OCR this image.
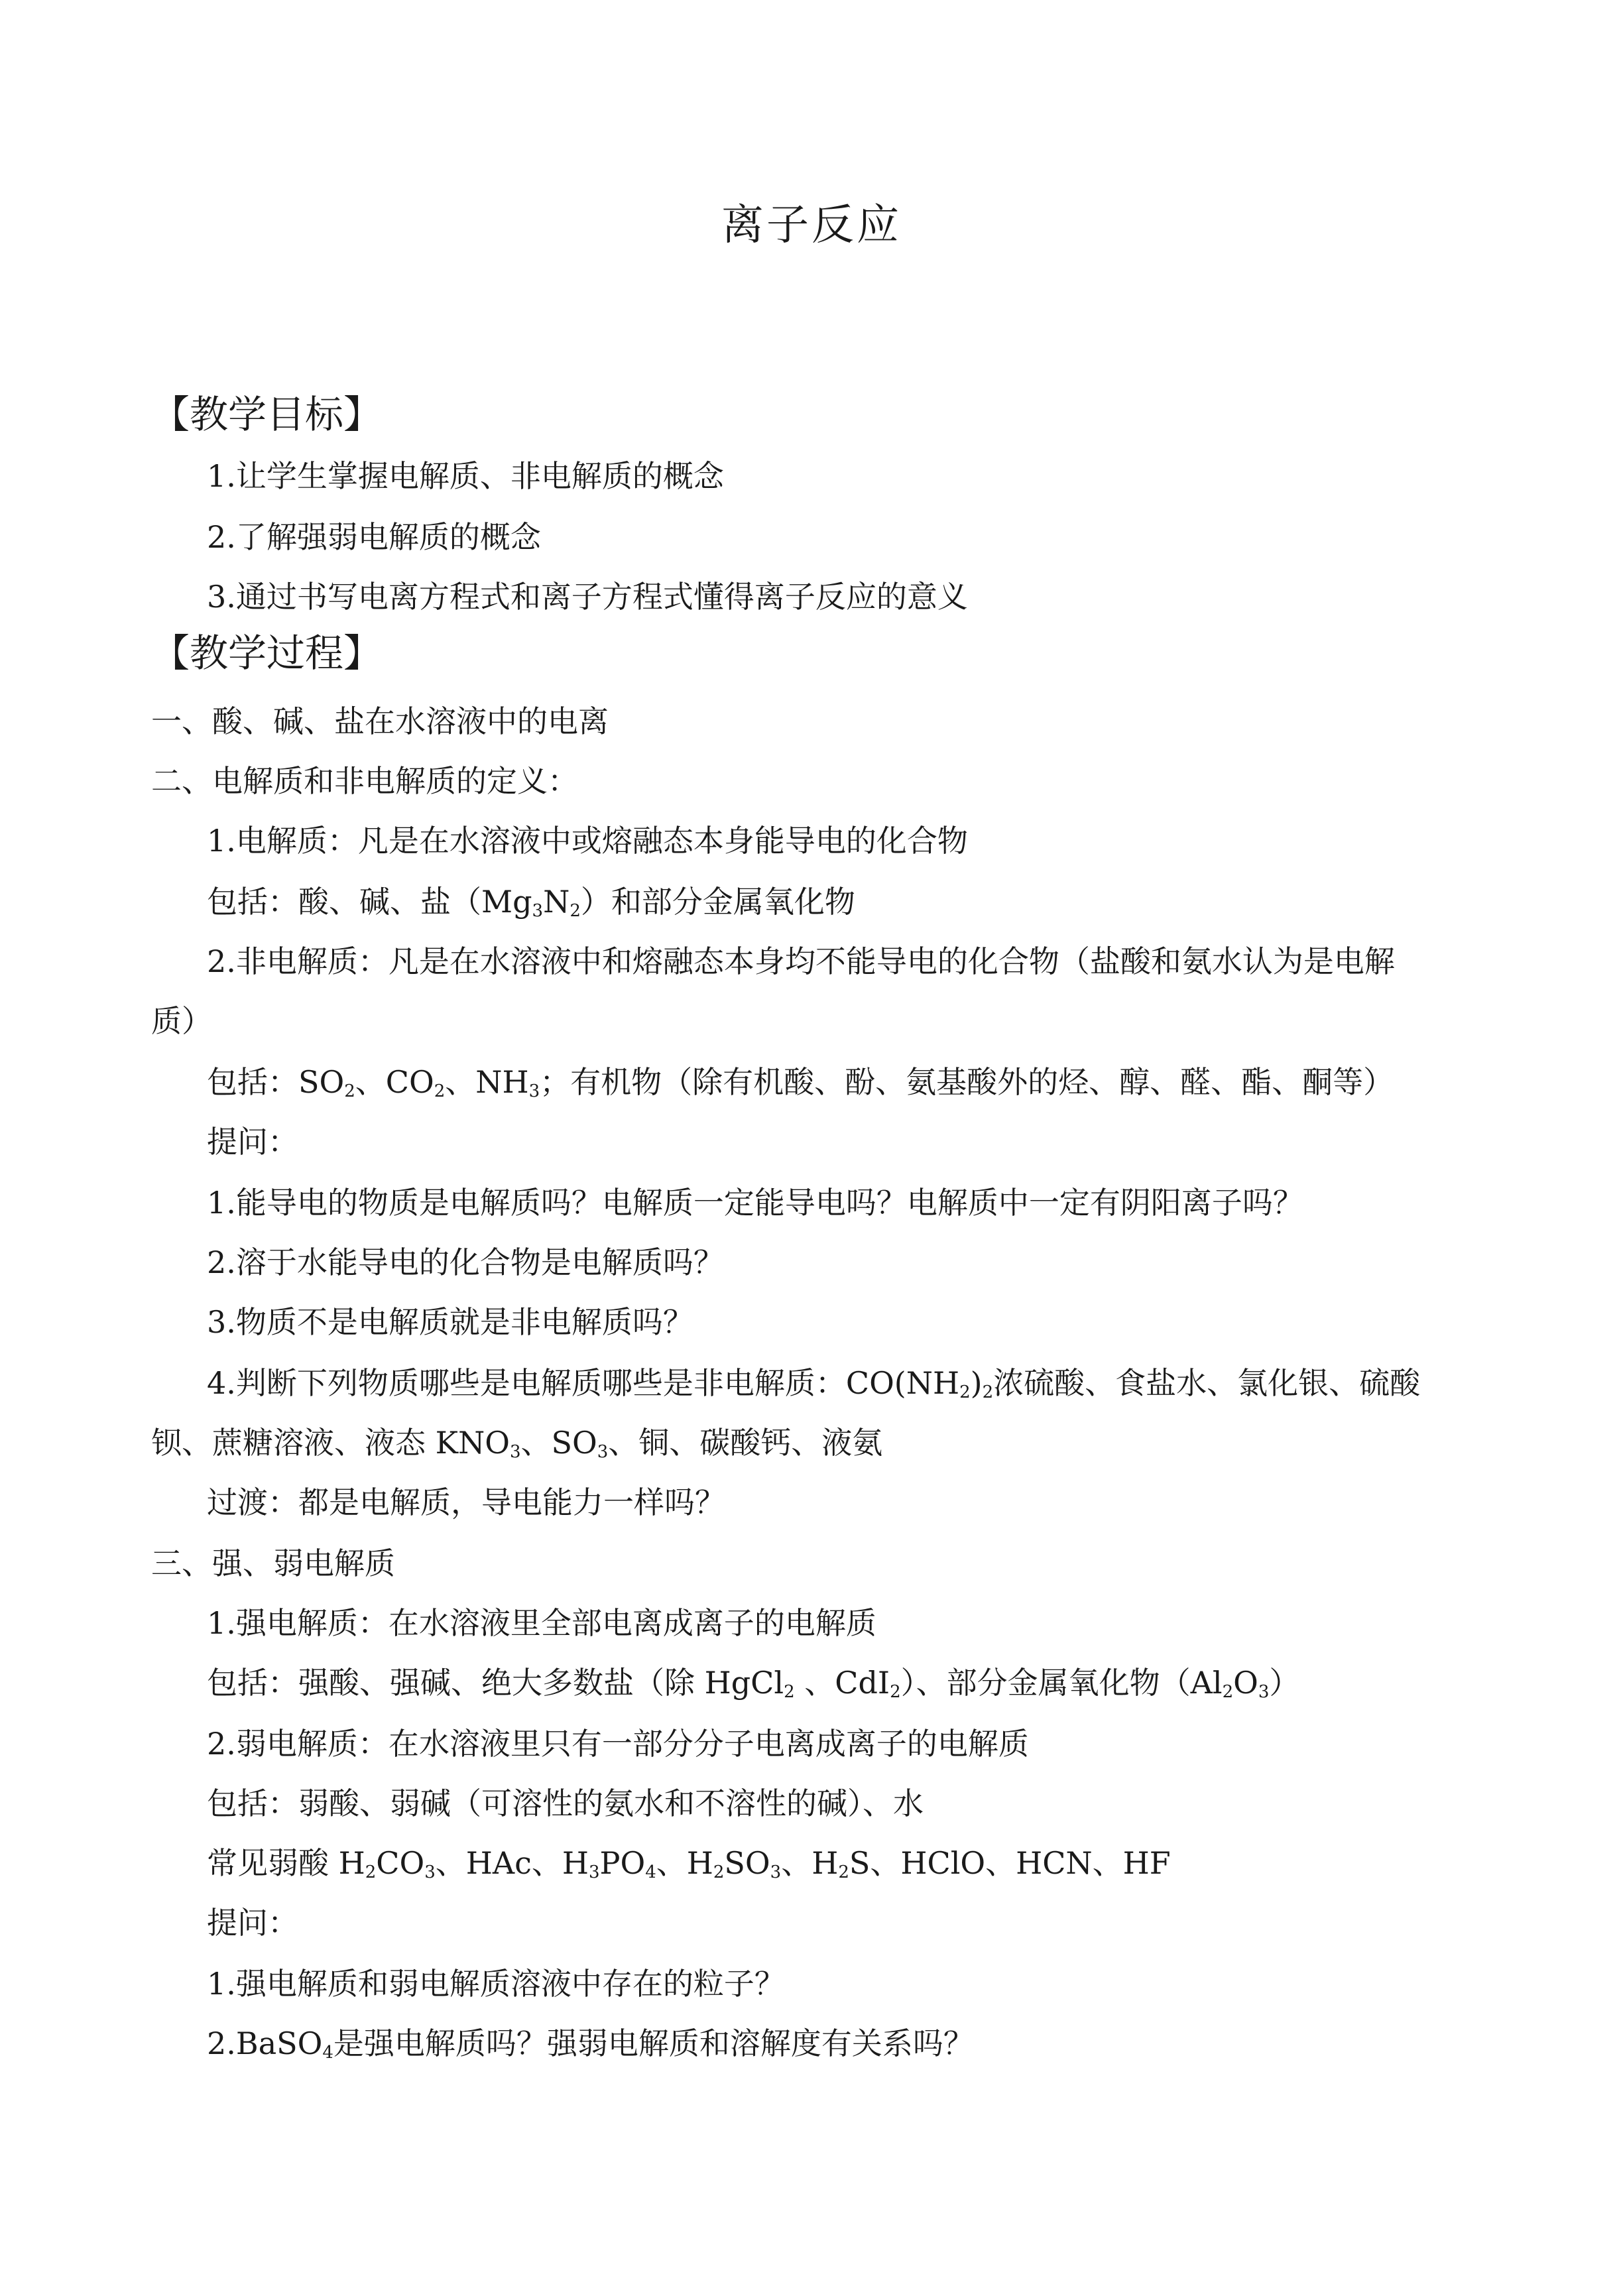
离子反应
【教学目标】
1.让学生掌握电解质、非电解质的概念
2.了解强弱电解质的概念
3.通过书写电离方程式和离子方程式懂得离子反应的意义
【教学过程】
一、酸、碱、盐在水溶液中的电离
二、电解质和非电解质的定义：
1.电解质：凡是在水溶液中或熔融态本身能导电的化合物
包括：酸、碱、盐$(Mg_3N_2)$和部分金属氧化物
2.非电解质：凡是在水溶液中和熔融态本身均不能导电的化合物（盐酸和氨水认为是电解
质）
包括：$SO_2$、$CO_2$、$NH_3$；有机物（除有机酸、酚、氨基酸外的烃、醇、醛、酯、酮等）
提问：
1.能导电的物质是电解质吗？电解质一定能导电吗？电解质中一定有阴阳离子吗？
2.溶于水能导电的化合物是电解质吗？
3.物质不是电解质就是非电解质吗？
4.判断下列物质哪些是电解质哪些是非电解质：$CO(NH_2)_2$浓硫酸、食盐水、氯化银、硫酸
钡、蔗糖溶液、液态 $KNO_3$、$SO_3$、铜、碳酸钙、液氨
过渡：都是电解质，导电能力一样吗？
三、强、弱电解质
1.强电解质：在水溶液里全部电离成离子的电解质
包括：强酸、强碱、绝大多数盐（除 HgCl$_2$ 、CdI$_2$）、部分金属氧化物$(Al_2O_3)$
2.弱电解质：在水溶液里只有一部分分子电离成离子的电解质
包括：弱酸、弱碱（可溶性的氨水和不溶性的碱）、水
常见弱酸 $H_2CO_3$、HAc、$H_3PO_4$、$H_2SO_3$、$H_2S$、HClO、HCN、HF
提问：
1.强电解质和弱电解质溶液中存在的粒子？
2.BaSO$_4$是强电解质吗？强弱电解质和溶解度有关系吗？
